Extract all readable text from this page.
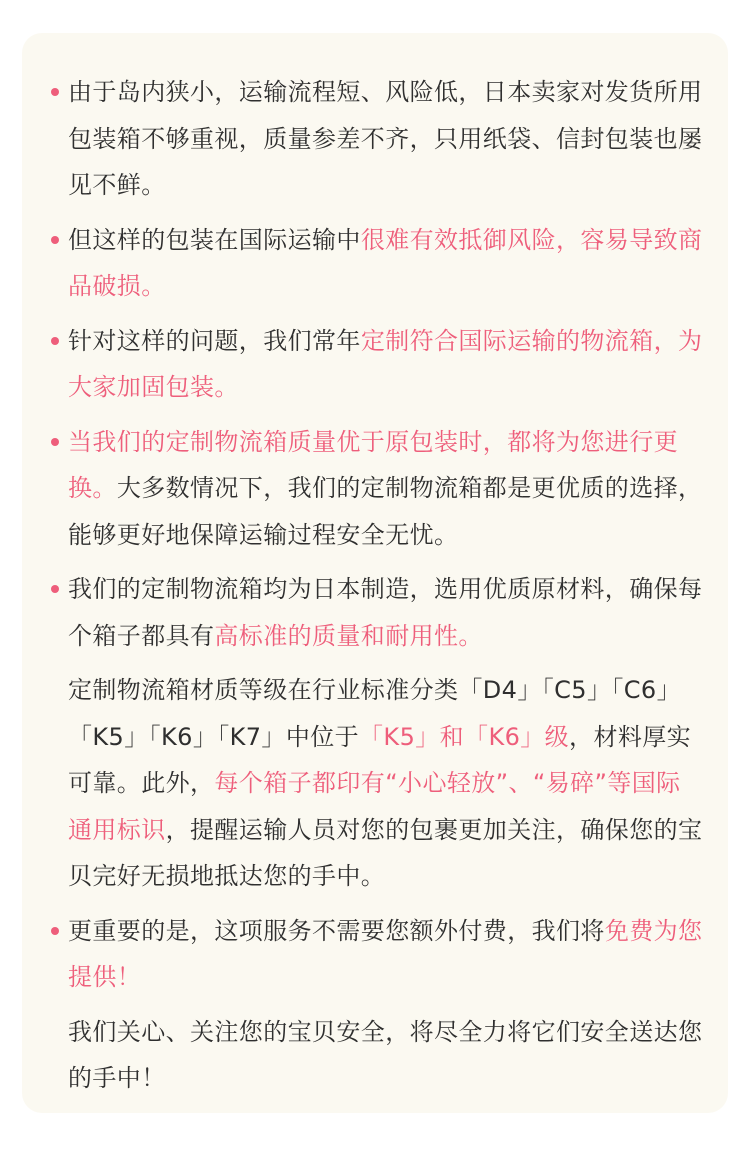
由于岛内狭小，运输流程短、风险低，日本卖家对发货所用包装箱不够重视，质量参差不齐，只用纸袋、信封包装也屡见不鲜。
但这样的包装在国际运输中很难有效抵御风险，容易导致商品破损。
针对这样的问题，我们常年定制符合国际运输的物流箱，为大家加固包装。
当我们的定制物流箱质量优于原包装时，都将为您进行更换。大多数情况下，我们的定制物流箱都是更优质的选择，能够更好地保障运输过程安全无忧。
我们的定制物流箱均为日本制造，选用优质原材料，确保每个箱子都具有高标准的质量和耐用性。
定制物流箱材质等级在行业标准分类「D4」「C5」「C6」「K5」「K6」「K7」中位于「K5」和「K6」级，材料厚实可靠。此外，每个箱子都印有“小心轻放”、“易碎”等国际通用标识，提醒运输人员对您的包裹更加关注，确保您的宝贝完好无损地抵达您的手中。
更重要的是，这项服务不需要您额外付费，我们将免费为您提供！
我们关心、关注您的宝贝安全，将尽全力将它们安全送达您的手中！
